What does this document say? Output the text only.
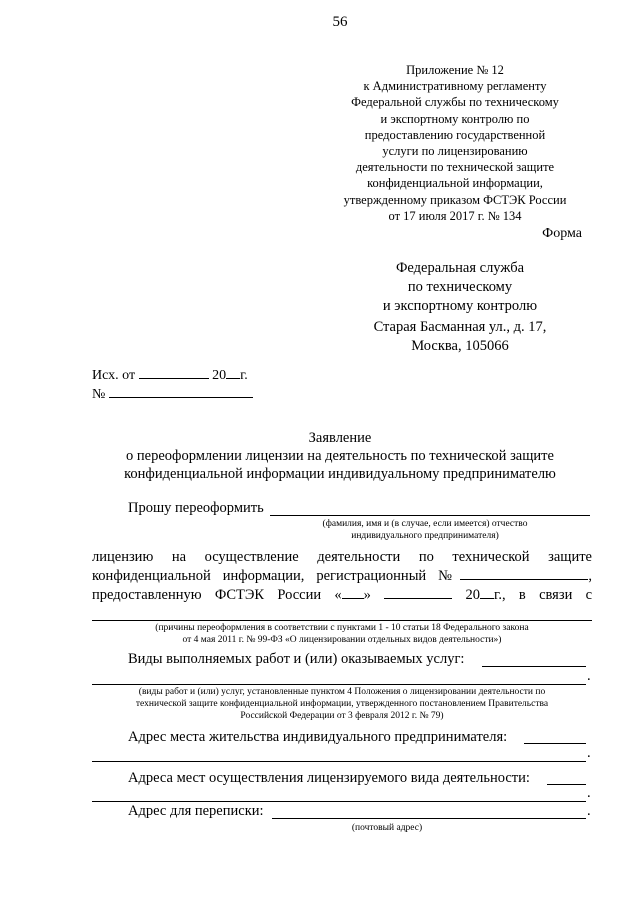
56
Приложение № 12
к Административному регламенту
Федеральной службы по техническому
и экспортному контролю по
предоставлению государственной
услуги по лицензированию
деятельности по технической защите
конфиденциальной информации,
утвержденному приказом ФСТЭК России
от 17 июля 2017 г. № 134
Форма
Федеральная служба
по техническому
и экспортному контролю
Старая Басманная ул., д. 17,
Москва, 105066
Исх. от	20 г.
№
Заявление
о переоформлении лицензии на деятельность по технической защите
конфиденциальной информации индивидуальному предпринимателю
Прошу переоформить
(фамилия, имя и (в случае, если имеется) отчество
индивидуального предпринимателя)
лицензию на осуществление деятельности по технической защите
конфиденциальной информации, регистрационный №	,
предоставленную ФСТЭК России « »	20 г., в связи с
(причины переоформления в соответствии с пунктами 1 - 10 статьи 18 Федерального закона
от 4 мая 2011 г. № 99-ФЗ «О лицензировании отдельных видов деятельности»)
Виды выполняемых работ и (или) оказываемых услуг:
.
(виды работ и (или) услуг, установленные пунктом 4 Положения о лицензировании деятельности по
технической защите конфиденциальной информации, утвержденного постановлением Правительства
Российской Федерации от 3 февраля 2012 г. № 79)
Адрес места жительства индивидуального предпринимателя:
.
Адреса мест осуществления лицензируемого вида деятельности:
.
Адрес для переписки:	.
(почтовый адрес)
